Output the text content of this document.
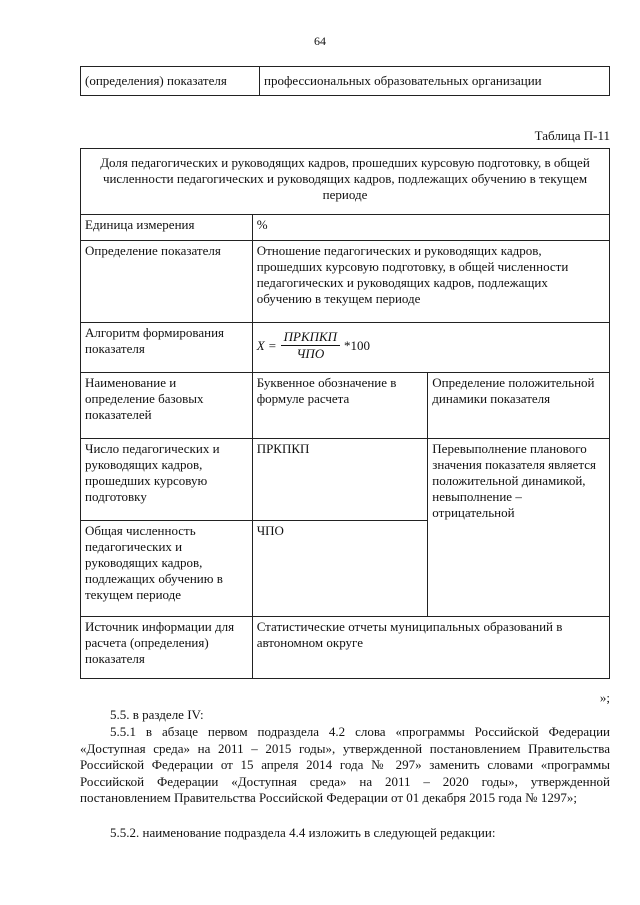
64
(определения) показателя	профессиональных образовательных организации
Таблица П-11
Доля педагогических и руководящих кадров, прошедших курсовую подготовку, в общей численности педагогических и руководящих кадров, подлежащих обучению в текущем периоде		
Единица измерения	%	
Определение показателя	Отношение педагогических и руководящих кадров, прошедших курсовую подготовку, в общей численности педагогических и руководящих кадров, подлежащих обучению в текущем периоде	
Алгоритм формирования показателя	$X = \frac{\text{ПРКПКП}}{\text{ЧПО}} *100$	

Наименование и определение базовых показателей	Буквенное обозначение в формуле расчета	Определение положительной динамики показателя
Число педагогических и руководящих кадров, прошедших курсовую подготовку	ПРКПКП	Перевыполнение планового значения показателя является положительной динамикой, невыполнение – отрицательной
Общая численность педагогических и руководящих кадров, подлежащих обучению в текущем периоде	ЧПО	
Источник информации для расчета (определения) показателя	Статистические отчеты муниципальных образований в автономном округе	
»;
5.5. в разделе IV:
5.5.1 в абзаце первом подраздела 4.2 слова «программы Российской Федерации «Доступная среда» на 2011 – 2015 годы», утвержденной постановлением Правительства Российской Федерации от 15 апреля 2014 года № 297» заменить словами «программы Российской Федерации «Доступная среда» на 2011 – 2020 годы», утвержденной постановлением Правительства Российской Федерации от 01 декабря 2015 года № 1297»;
5.5.2. наименование подраздела 4.4 изложить в следующей редакции:
